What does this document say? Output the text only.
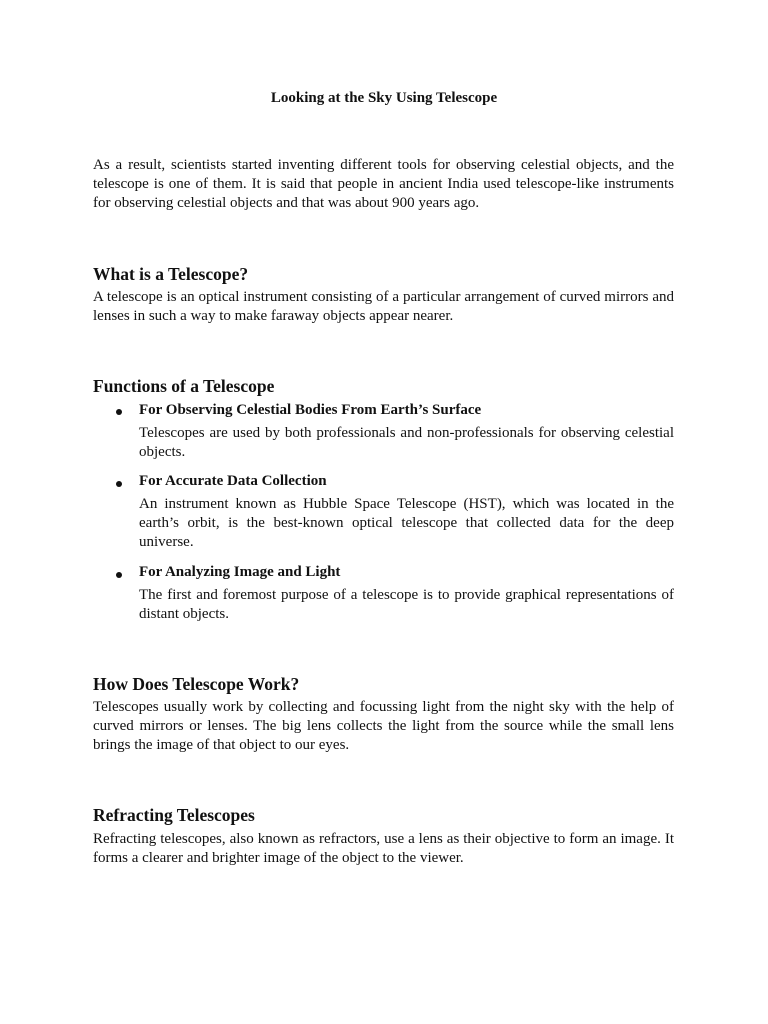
Looking at the Sky Using Telescope

As a result, scientists started inventing different tools for observing celestial objects, and the telescope is one of them. It is said that people in ancient India used telescope-like instruments for observing celestial objects and that was about 900 years ago.

What is a Telescope?

A telescope is an optical instrument consisting of a particular arrangement of curved mirrors and lenses in such a way to make faraway objects appear nearer.

Functions of a Telescope

For Observing Celestial Bodies From Earth’s Surface

Telescopes are used by both professionals and non-professionals for observing celestial objects.

For Accurate Data Collection

An instrument known as Hubble Space Telescope (HST), which was located in the earth’s orbit, is the best-known optical telescope that collected data for the deep universe.

For Analyzing Image and Light

The first and foremost purpose of a telescope is to provide graphical representations of distant objects.

How Does Telescope Work?

Telescopes usually work by collecting and focussing light from the night sky with the help of curved mirrors or lenses. The big lens collects the light from the source while the small lens brings the image of that object to our eyes.

Refracting Telescopes

Refracting telescopes, also known as refractors, use a lens as their objective to form an image. It forms a clearer and brighter image of the object to the viewer.
